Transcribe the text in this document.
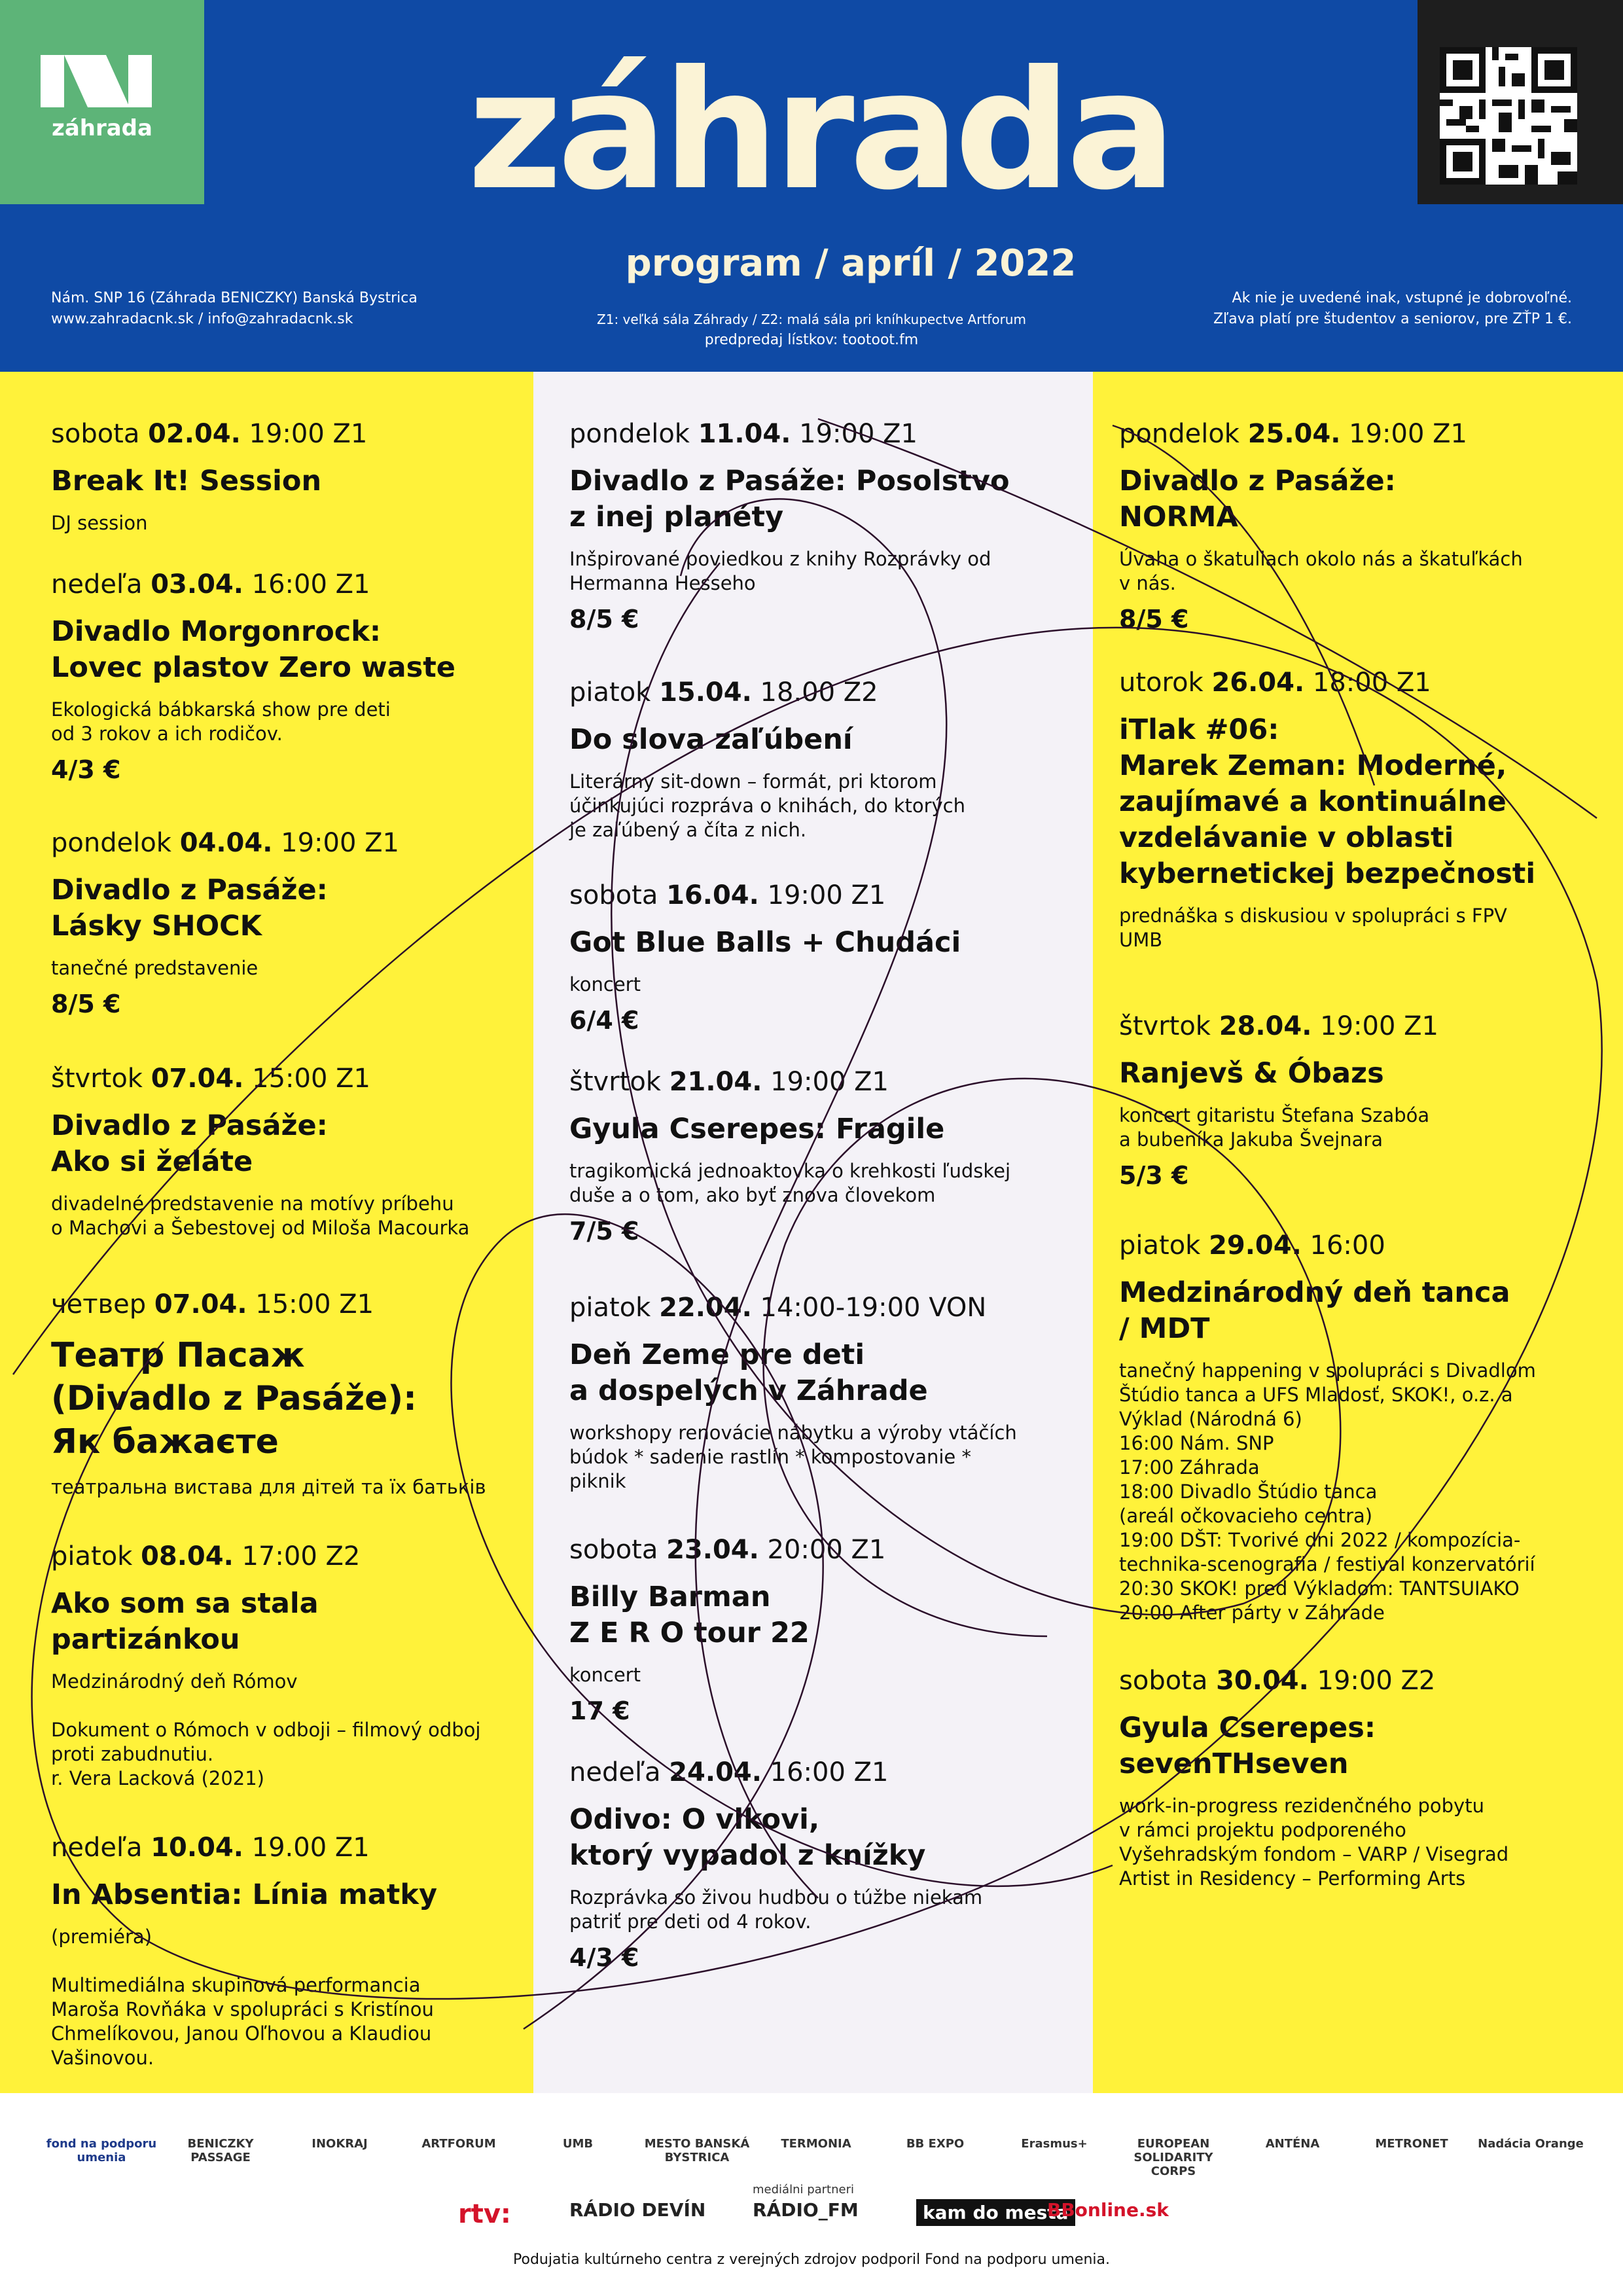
záhrada	záhrada
program / apríl / 2022
Nám. SNP 16 (Záhrada BENICZKY) Banská Bystrica
www.zahradacnk.sk / info@zahradacnk.sk	Z1: veľká sála Záhrady / Z2: malá sála pri kníhkupectve Artforum
predpredaj lístkov: tootoot.fm
Ak nie je uvedené inak, vstupné je dobrovoľné.
Zľava platí pre študentov a seniorov, pre ZŤP 1 €.
sobota 02.04. 19:00 Z1
Break It! Session
DJ session
nedeľa 03.04. 16:00 Z1
Divadlo Morgonrock:
Lovec plastov Zero waste
Ekologická bábkarská show pre deti
od 3 rokov a ich rodičov.
4/3 €
pondelok 04.04. 19:00 Z1
Divadlo z Pasáže:
Lásky SHOCK
tanečné predstavenie
8/5 €
štvrtok 07.04. 15:00 Z1
Divadlo z Pasáže:
Ako si želáte
divadelné predstavenie na motívy príbehu
o Machovi a Šebestovej od Miloša Macourka
четвер 07.04. 15:00 Z1
Театр Пасаж
(Divadlo z Pasáže):
Як бажаєте
театральна вистава для дітей та їх батьків
piatok 08.04. 17:00 Z2
Ako som sa stala
partizánkou
Medzinárodný deň Rómov

Dokument o Rómoch v odboji – filmový odboj
proti zabudnutiu.
r. Vera Lacková (2021)
nedeľa 10.04. 19.00 Z1
In Absentia: Línia matky
(premiéra)

Multimediálna skupinová performancia
Maroša Rovňáka v spolupráci s Kristínou
Chmelíkovou, Janou Oľhovou a Klaudiou
Vašinovou.
pondelok 11.04. 19:00 Z1
Divadlo z Pasáže: Posolstvo
z inej planéty
Inšpirované poviedkou z knihy Rozprávky od
Hermanna Hesseho
8/5 €
piatok 15.04. 18.00 Z2
Do slova zaľúbení
Literárny sit-down – formát, pri ktorom
účinkujúci rozpráva o knihách, do ktorých
je zaľúbený a číta z nich.
sobota 16.04. 19:00 Z1
Got Blue Balls + Chudáci
koncert
6/4 €
štvrtok 21.04. 19:00 Z1
Gyula Cserepes: Fragile
tragikomická jednoaktovka o krehkosti ľudskej
duše a o tom, ako byť znova človekom
7/5 €
piatok 22.04. 14:00-19:00 VON
Deň Zeme pre deti
a dospelých v Záhrade
workshopy renovácie nábytku a výroby vtáčích
búdok * sadenie rastlín * kompostovanie *
piknik
sobota 23.04. 20:00 Z1
Billy Barman
Z E R O tour 22
koncert
17 €
nedeľa 24.04. 16:00 Z1
Odivo: O vlkovi,
ktorý vypadol z knížky
Rozprávka so živou hudbou o túžbe niekam
patriť pre deti od 4 rokov.
4/3 €
pondelok 25.04. 19:00 Z1
Divadlo z Pasáže:
NORMA
Úvaha o škatuliach okolo nás a škatuľkách
v nás.
8/5 €
utorok 26.04. 18:00 Z1
iTlak #06:
Marek Zeman: Moderné,
zaujímavé a kontinuálne
vzdelávanie v oblasti
kybernetickej bezpečnosti
prednáška s diskusiou v spolupráci s FPV
UMB
štvrtok 28.04. 19:00 Z1
Ranjevš & Óbazs
koncert gitaristu Štefana Szabóa
a bubeníka Jakuba Švejnara
5/3 €
piatok 29.04. 16:00
Medzinárodný deň tanca
/ MDT
tanečný happening v spolupráci s Divadlom
Štúdio tanca a UFS Mladosť, SKOK!, o.z. a
Výklad (Národná 6)
16:00 Nám. SNP
17:00 Záhrada
18:00 Divadlo Štúdio tanca
(areál očkovacieho centra)
19:00 DŠT: Tvorivé dni 2022 / kompozícia-
technika-scenografia / festival konzervatórií
20:30 SKOK! pred Výkladom: TANTSUIAKO
20:00 After párty v Záhrade
sobota 30.04. 19:00 Z2
Gyula Cserepes:
sevenTHseven
work-in-progress rezidenčného pobytu
v rámci projektu podporeného
Vyšehradským fondom – VARP / Visegrad
Artist in Residency – Performing Arts
fond na podporu umenia
BENICZKY PASSAGE
INOKRAJ	ARTFORUM	UMB	MESTO BANSKÁ BYSTRICA
TERMONIA	BB EXPO	Erasmus+	EUROPEAN SOLIDARITY CORPS
ANTÉNA	METRONET	Nadácia Orange
mediálni partneri
rtv:	RÁDIO DEVÍN	RÁDIO_FM	kam do mesta
BBonline.sk
Podujatia kultúrneho centra z verejných zdrojov podporil Fond na podporu umenia.
